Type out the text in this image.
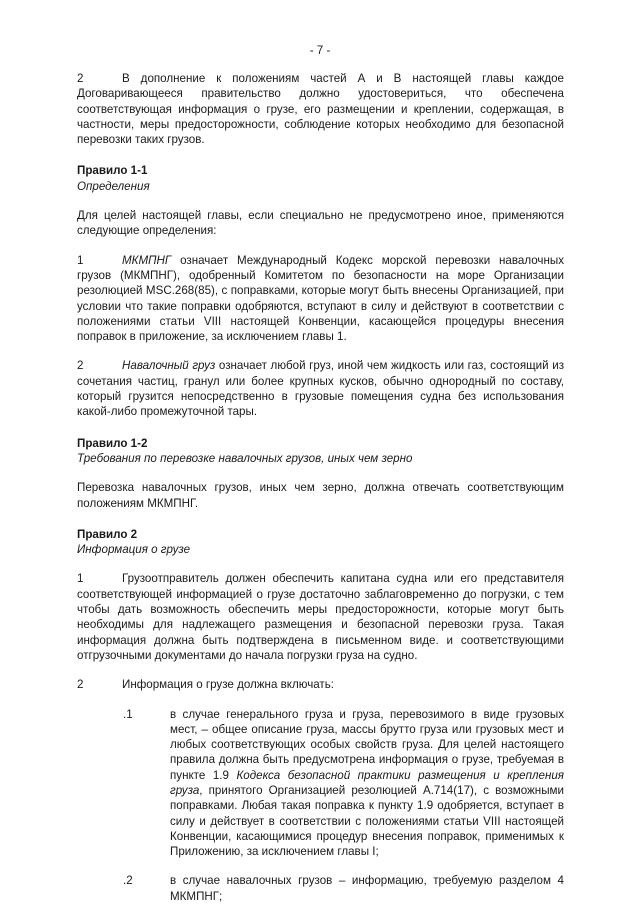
- 7 -

2	В дополнение к положениям частей А и В настоящей главы каждое Договаривающееся правительство должно удостовериться, что обеспечена соответствующая информация о грузе, его размещении и креплении, содержащая, в частности, меры предосторожности, соблюдение которых необходимо для безопасной перевозки таких грузов.

Правило 1-1
Определения

Для целей настоящей главы, если специально не предусмотрено иное, применяются следующие определения:

1	МКМПНГ означает Международный Кодекс морской перевозки навалочных грузов (МКМПНГ), одобренный Комитетом по безопасности на море Организации резолюцией MSC.268(85), с поправками, которые могут быть внесены Организацией, при условии что такие поправки одобряются, вступают в силу и действуют в соответствии с положениями статьи VIII настоящей Конвенции, касающейся процедуры внесения поправок в приложение, за исключением главы 1.

2	Навалочный груз означает любой груз, иной чем жидкость или газ, состоящий из сочетания частиц, гранул или более крупных кусков, обычно однородный по составу, который грузится непосредственно в грузовые помещения судна без использования какой-либо промежуточной тары.

Правило 1-2
Требования по перевозке навалочных грузов, иных чем зерно

Перевозка навалочных грузов, иных чем зерно, должна отвечать соответствующим положениям МКМПНГ.

Правило 2
Информация о грузе

1	Грузоотправитель должен обеспечить капитана судна или его представителя соответствующей информацией о грузе достаточно заблаговременно до погрузки, с тем чтобы дать возможность обеспечить меры предосторожности, которые могут быть необходимы для надлежащего размещения и безопасной перевозки груза. Такая информация должна быть подтверждена в письменном виде. и соответствующими отгрузочными документами до начала погрузки груза на судно.

2	Информация о грузе должна включать:

.1	в случае генерального груза и груза, перевозимого в виде грузовых мест, – общее описание груза, массы брутто груза или грузовых мест и любых соответствующих особых свойств груза. Для целей настоящего правила должна быть предусмотрена информация о грузе, требуемая в пункте 1.9 Кодекса безопасной практики размещения и крепления груза, принятого Организацией резолюцией А.714(17), с возможными поправками. Любая такая поправка к пункту 1.9 одобряется, вступает в силу и действует в соответствии с положениями статьи VIII настоящей Конвенции, касающимися процедур внесения поправок, применимых к Приложению, за исключением главы I;
.2	в случае навалочных грузов – информацию, требуемую разделом 4 МКМПНГ;
